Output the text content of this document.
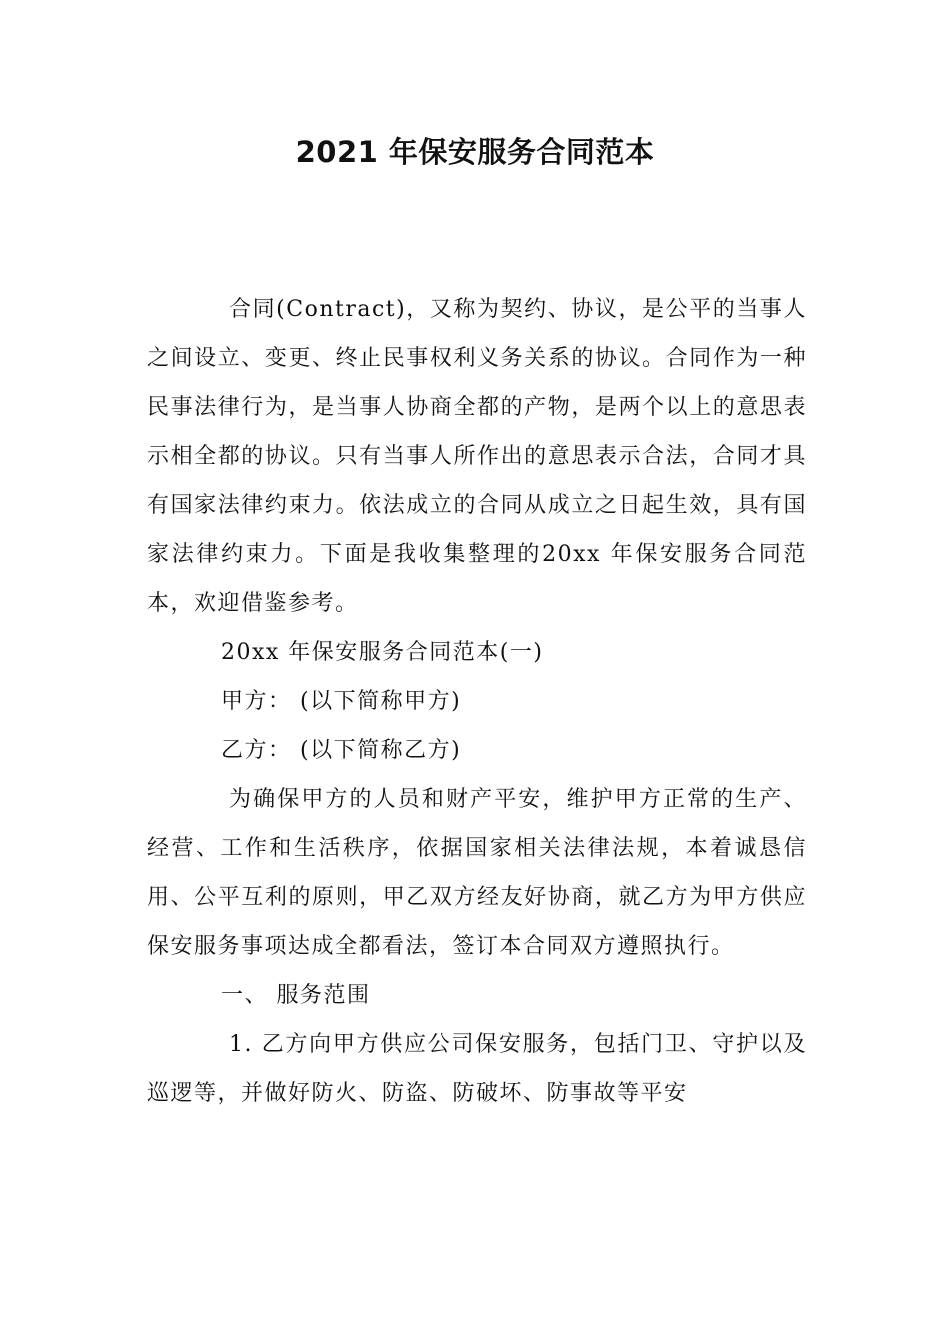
2021 年保安服务合同范本

合同(Contract)，又称为契约、协议，是公平的当事人之间设立、变更、终止民事权利义务关系的协议。合同作为一种民事法律行为，是当事人协商全都的产物，是两个以上的意思表示相全都的协议。只有当事人所作出的意思表示合法，合同才具有国家法律约束力。依法成立的合同从成立之日起生效，具有国家法律约束力。下面是我收集整理的20xx 年保安服务合同范本，欢迎借鉴参考。

20xx 年保安服务合同范本(一)

甲方： (以下简称甲方)

乙方： (以下简称乙方)

为确保甲方的人员和财产平安，维护甲方正常的生产、经营、工作和生活秩序，依据国家相关法律法规，本着诚恳信用、公平互利的原则，甲乙双方经友好协商，就乙方为甲方供应保安服务事项达成全都看法，签订本合同双方遵照执行。

一、 服务范围

1. 乙方向甲方供应公司保安服务，包括门卫、守护以及巡逻等，并做好防火、防盗、防破坏、防事故等平安
